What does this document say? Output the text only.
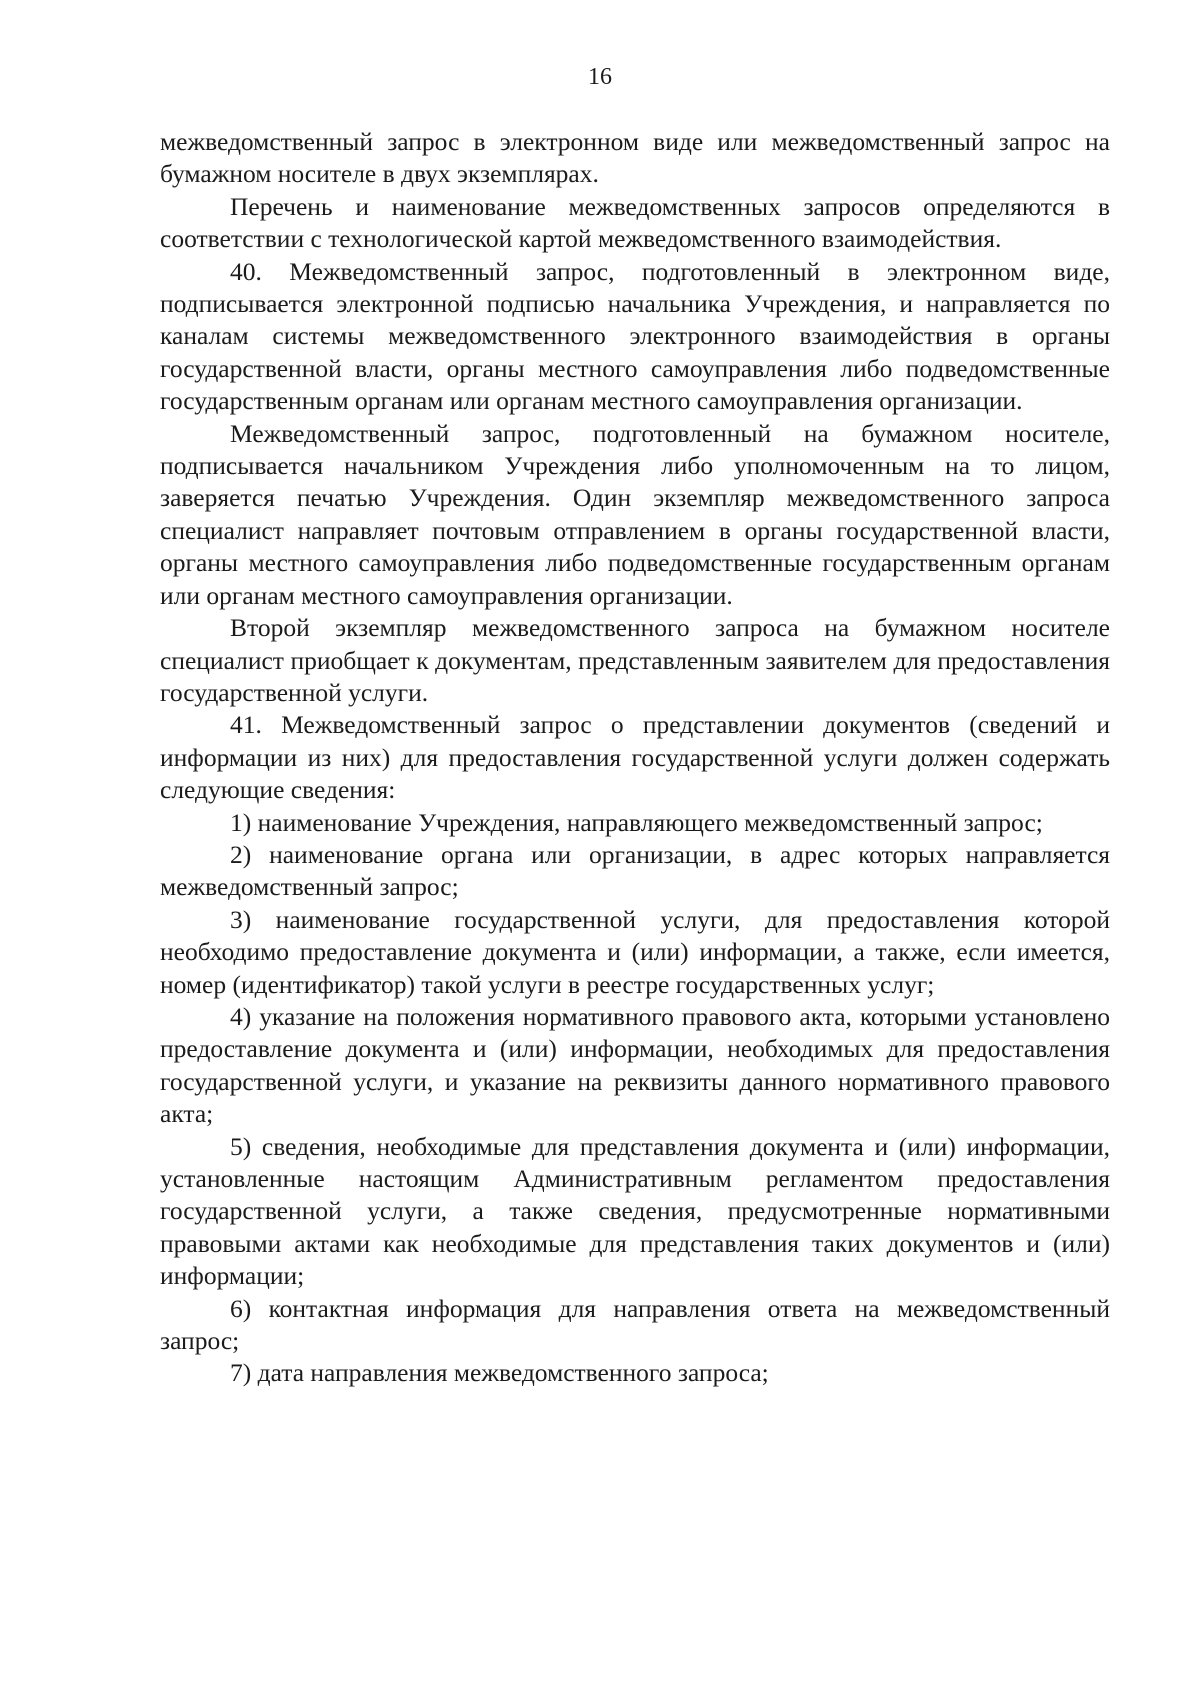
16

межведомственный запрос в электронном виде или межведомственный запрос на бумажном носителе в двух экземплярах.

Перечень и наименование межведомственных запросов определяются в соответствии с технологической картой межведомственного взаимодействия.

40. Межведомственный запрос, подготовленный в электронном виде, подписывается электронной подписью начальника Учреждения, и направляется по каналам системы межведомственного электронного взаимодействия в органы государственной власти, органы местного самоуправления либо подведомственные государственным органам или органам местного самоуправления организации.

Межведомственный запрос, подготовленный на бумажном носителе, подписывается начальником Учреждения либо уполномоченным на то лицом, заверяется печатью Учреждения. Один экземпляр межведомственного запроса специалист направляет почтовым отправлением в органы государственной власти, органы местного самоуправления либо подведомственные государственным органам или органам местного самоуправления организации.

Второй экземпляр межведомственного запроса на бумажном носителе специалист приобщает к документам, представленным заявителем для предоставления государственной услуги.

41. Межведомственный запрос о представлении документов (сведений и информации из них) для предоставления государственной услуги должен содержать следующие сведения:

1) наименование Учреждения, направляющего межведомственный запрос;

2) наименование органа или организации, в адрес которых направляется межведомственный запрос;

3) наименование государственной услуги, для предоставления которой необходимо предоставление документа и (или) информации, а также, если имеется, номер (идентификатор) такой услуги в реестре государственных услуг;

4) указание на положения нормативного правового акта, которыми установлено предоставление документа и (или) информации, необходимых для предоставления государственной услуги, и указание на реквизиты данного нормативного правового акта;

5) сведения, необходимые для представления документа и (или) информации, установленные настоящим Административным регламентом предоставления государственной услуги, а также сведения, предусмотренные нормативными правовыми актами как необходимые для представления таких документов и (или) информации;

6) контактная информация для направления ответа на межведомственный запрос;

7) дата направления межведомственного запроса;
